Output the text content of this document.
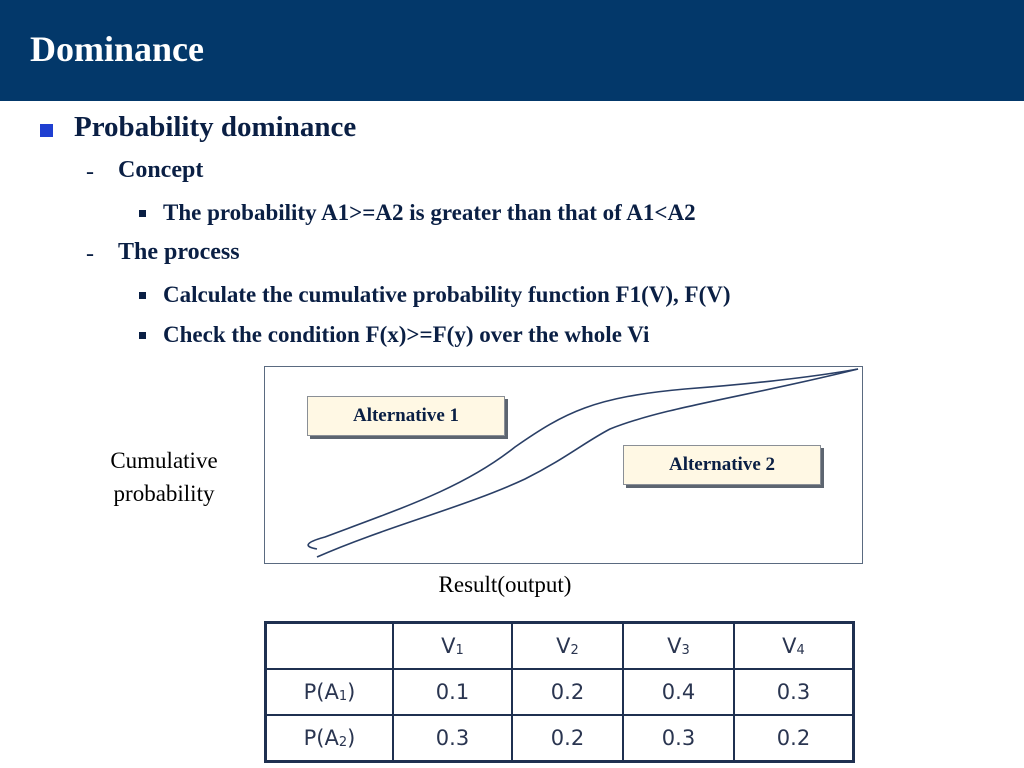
Dominance
Probability dominance
- Concept
The probability A1>=A2 is greater than that of A1<A2
- The process
Calculate the cumulative probability function F1(V), F(V)
Check the condition F(x)>=F(y) over the whole Vi
Cumulative
probability
Alternative 1
Alternative 2
Result(output)
	$V_1$	$V_2$	$V_3$	$V_4$
$P(A_1)$	0.1	0.2	0.4	0.3
$P(A_2)$	0.3	0.2	0.3	0.2
